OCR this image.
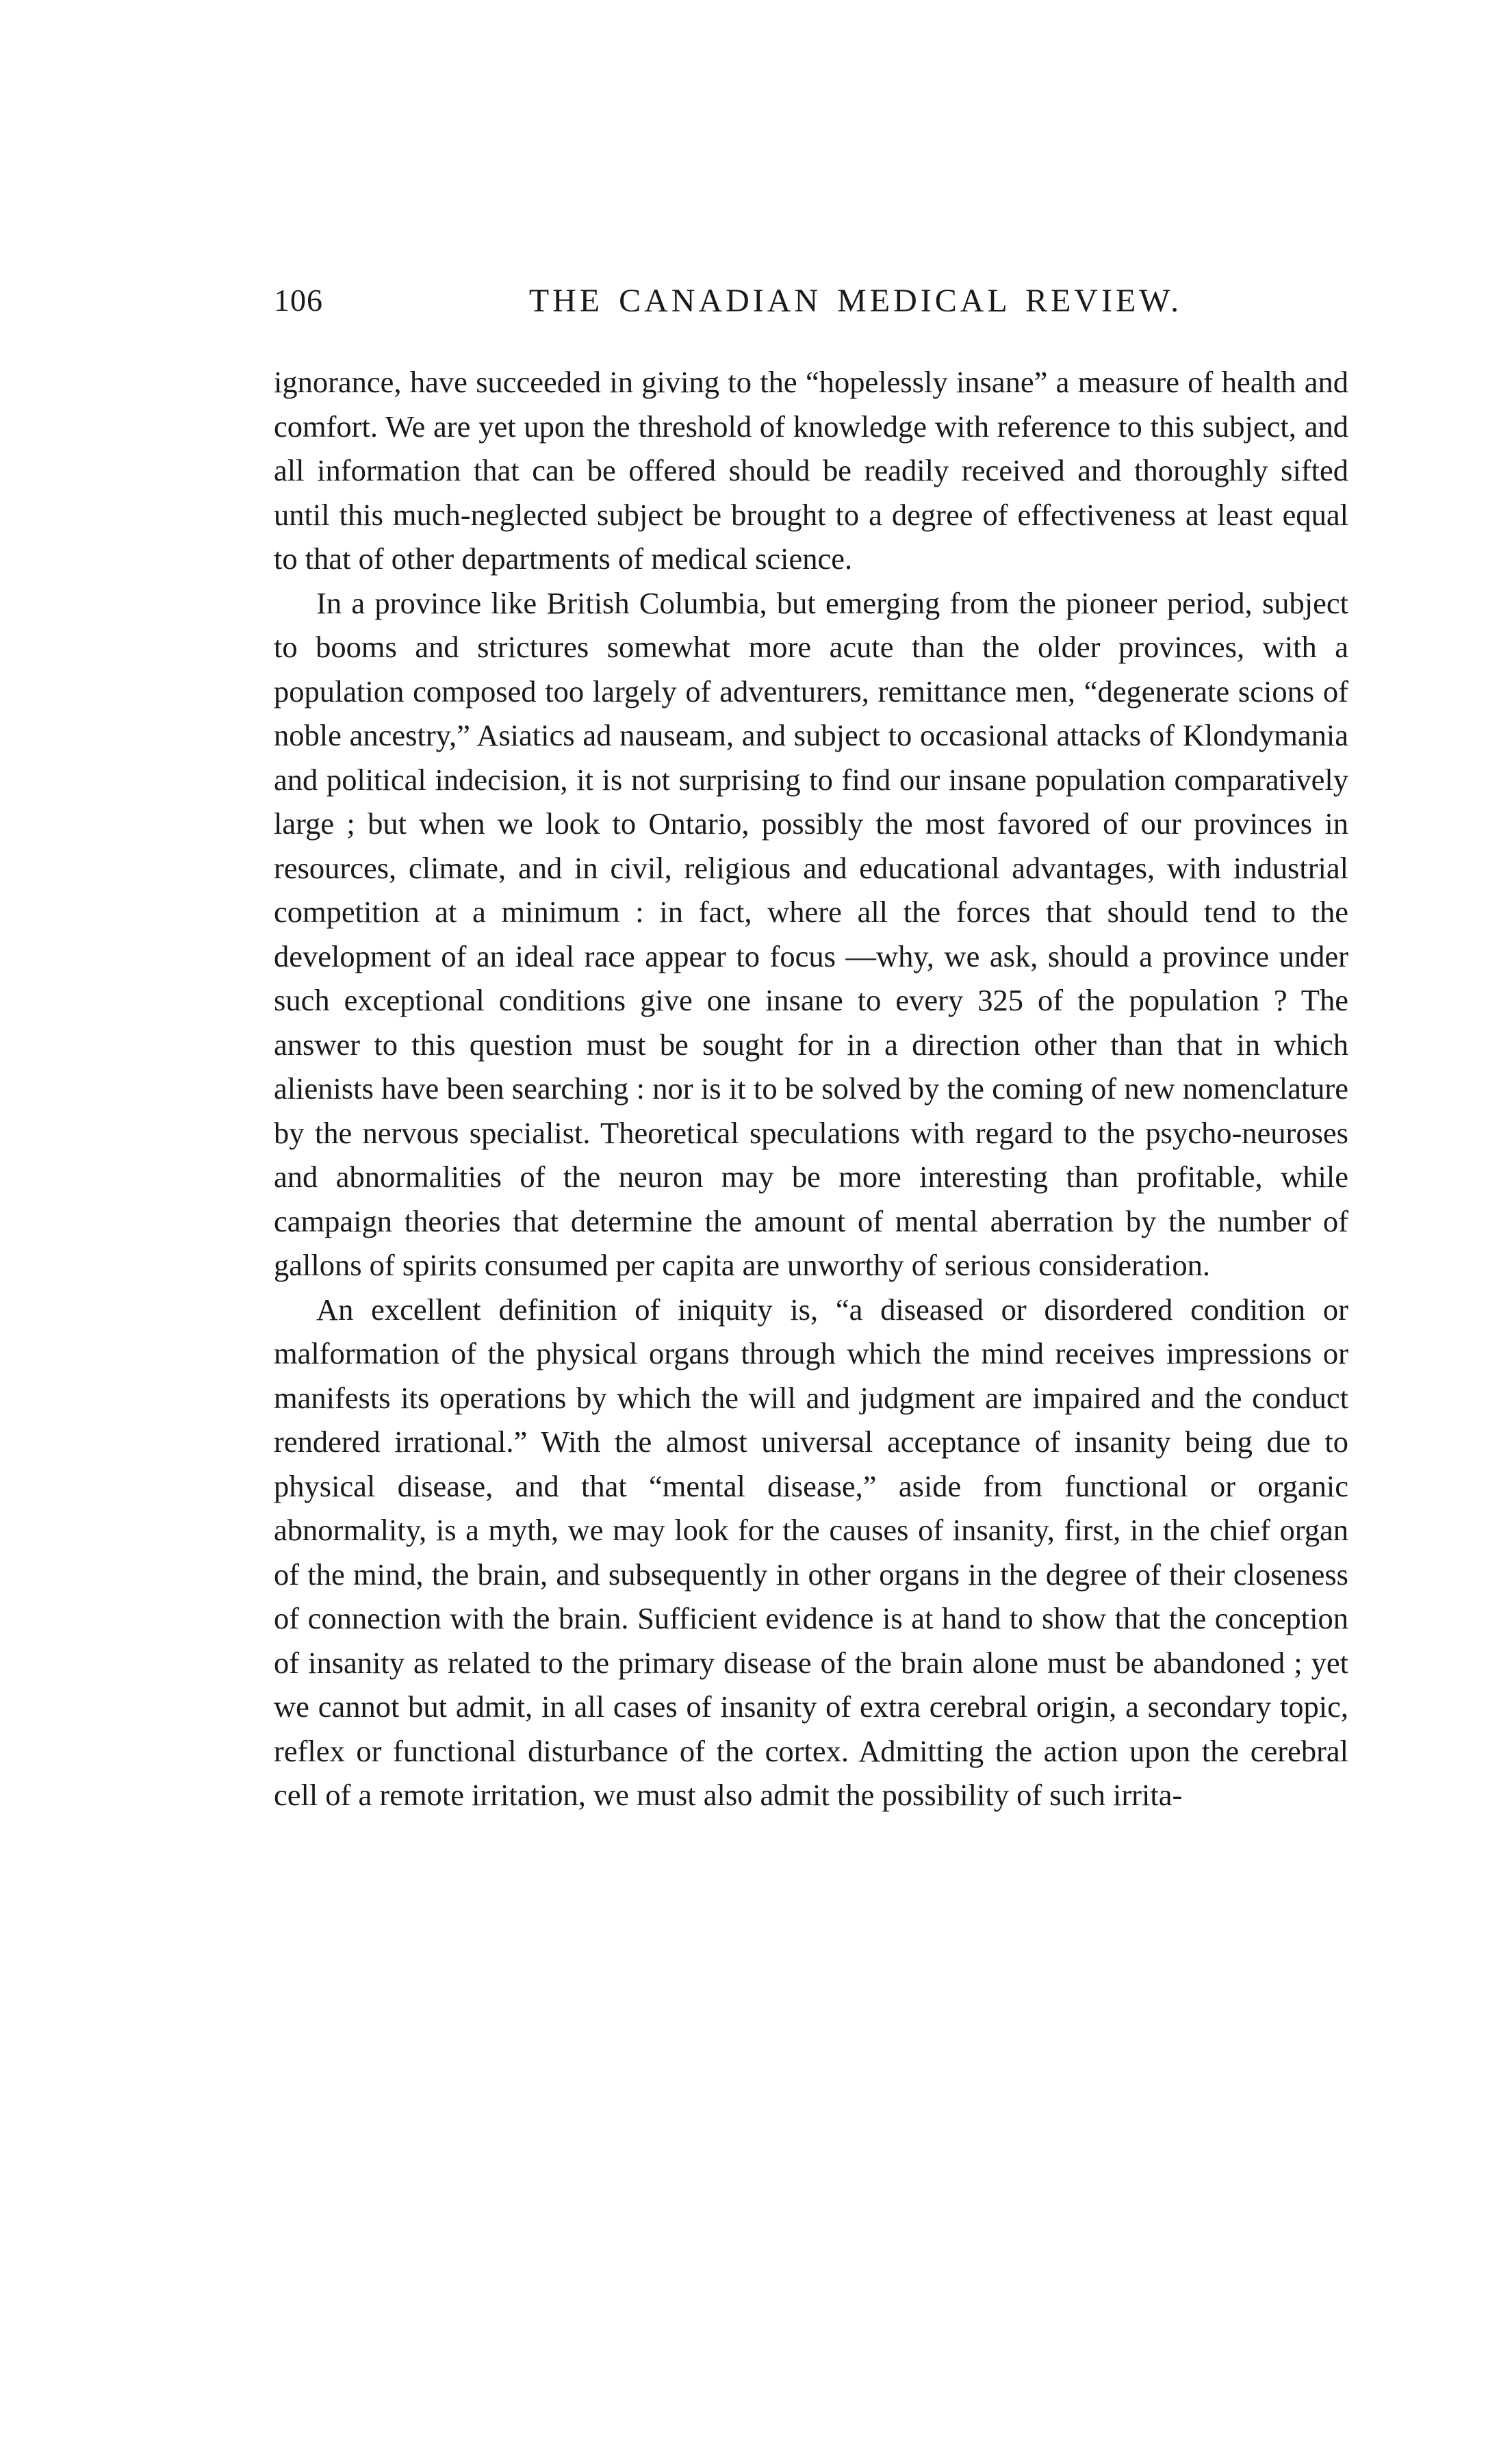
106	THE CANADIAN MEDICAL REVIEW.

ignorance, have succeeded in giving to the “hopelessly insane” a measure of health and comfort. We are yet upon the threshold of knowledge with reference to this subject, and all information that can be offered should be readily received and thoroughly sifted until this much-neglected subject be brought to a degree of effectiveness at least equal to that of other departments of medical science.

In a province like British Columbia, but emerging from the pioneer period, subject to booms and strictures somewhat more acute than the older provinces, with a population composed too largely of adventurers, remittance men, “degenerate scions of noble ancestry,” Asiatics ad nauseam, and subject to occasional attacks of Klondymania and political indecision, it is not surprising to find our insane population comparatively large ; but when we look to Ontario, possibly the most favored of our provinces in resources, climate, and in civil, religious and educational advantages, with industrial competition at a minimum : in fact, where all the forces that should tend to the development of an ideal race appear to focus —why, we ask, should a province under such exceptional conditions give one insane to every 325 of the population ? The answer to this question must be sought for in a direction other than that in which alienists have been searching : nor is it to be solved by the coming of new nomenclature by the nervous specialist. Theoretical speculations with regard to the psycho-neuroses and abnormalities of the neuron may be more interesting than profitable, while campaign theories that determine the amount of mental aberration by the number of gallons of spirits consumed per capita are unworthy of serious consideration.

An excellent definition of iniquity is, “a diseased or disordered condition or malformation of the physical organs through which the mind receives impressions or manifests its operations by which the will and judgment are impaired and the conduct rendered irrational.” With the almost universal acceptance of insanity being due to physical disease, and that “mental disease,” aside from functional or organic abnormality, is a myth, we may look for the causes of insanity, first, in the chief organ of the mind, the brain, and subsequently in other organs in the degree of their closeness of connection with the brain. Sufficient evidence is at hand to show that the conception of insanity as related to the primary disease of the brain alone must be abandoned ; yet we cannot but admit, in all cases of insanity of extra cerebral origin, a secondary topic, reflex or functional disturbance of the cortex. Admitting the action upon the cerebral cell of a remote irritation, we must also admit the possibility of such irrita-
